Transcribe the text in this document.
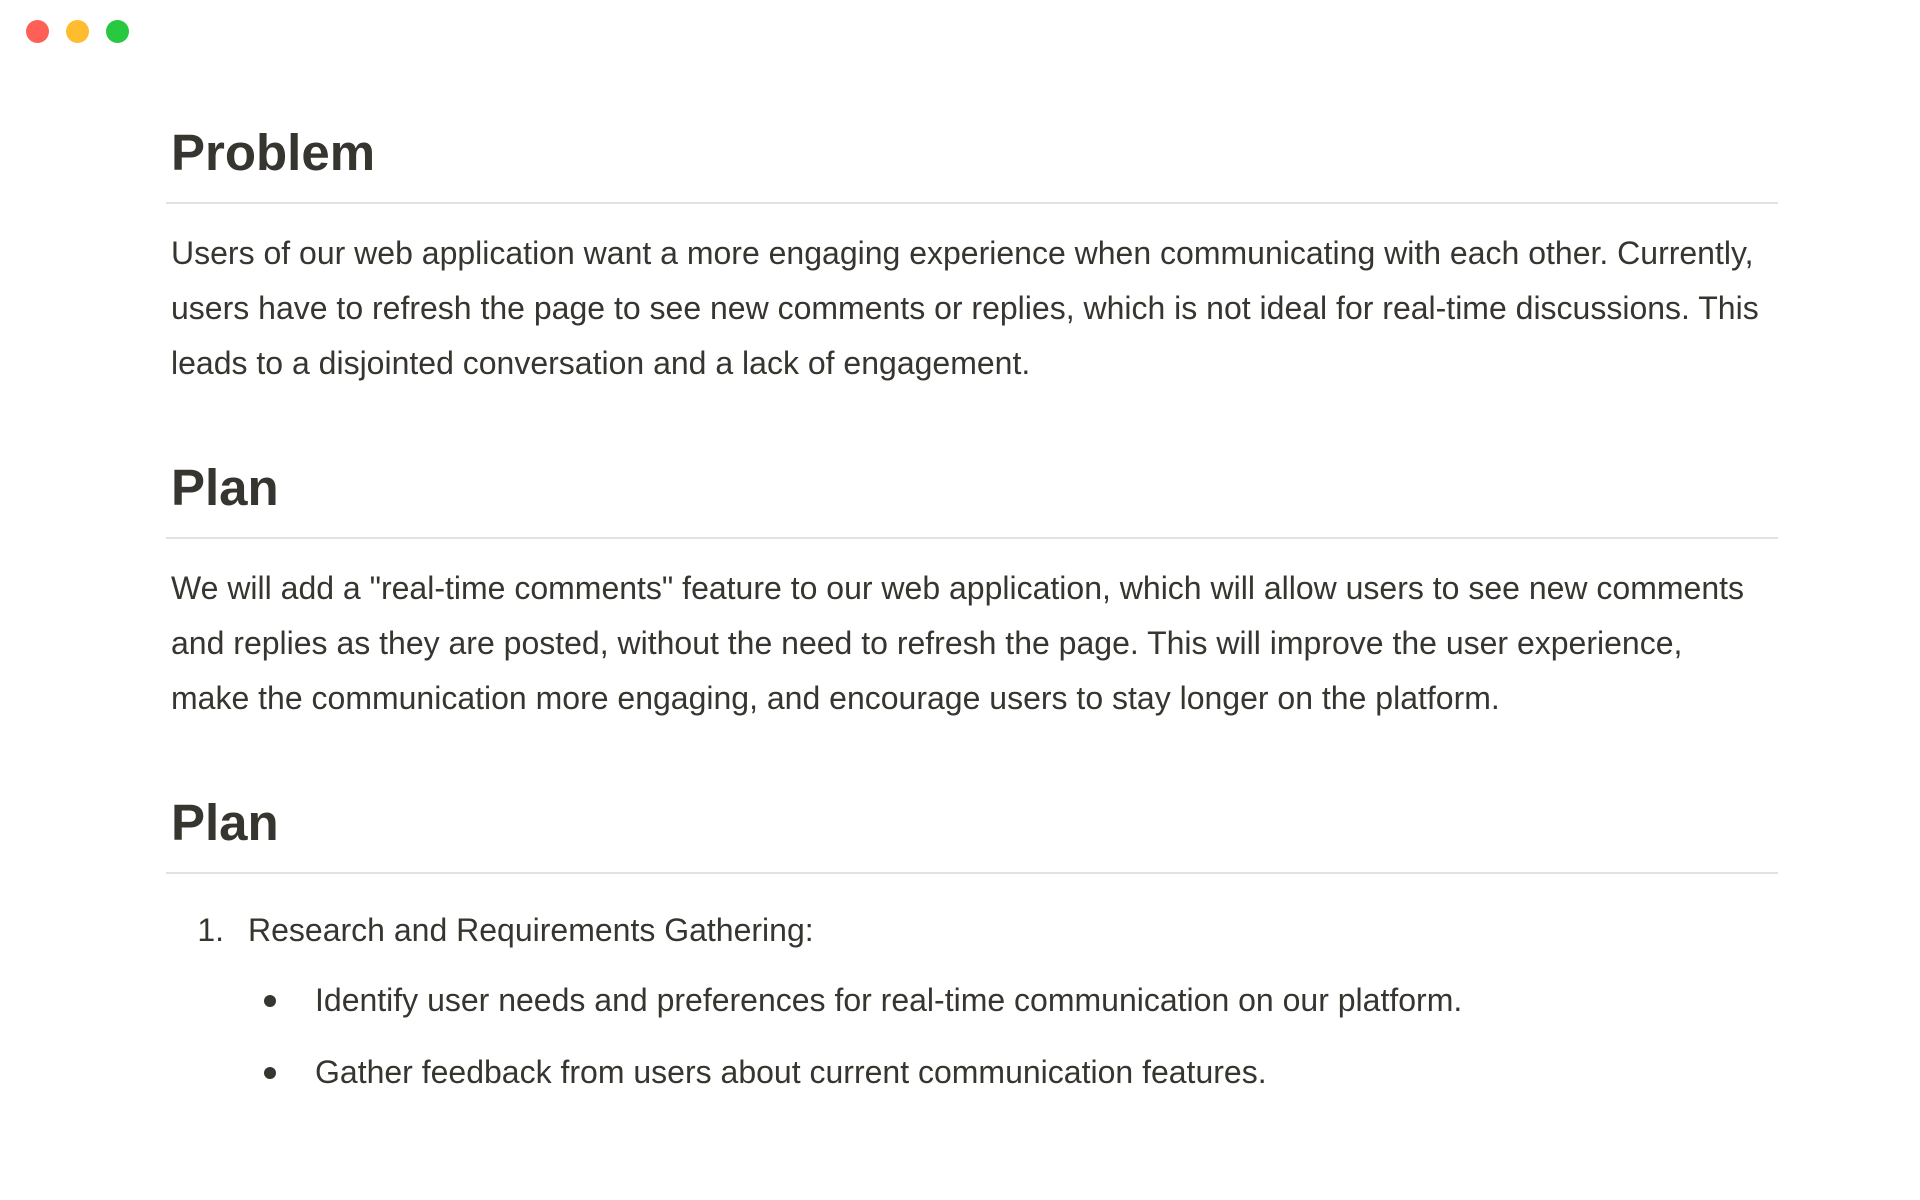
Problem

Users of our web application want a more engaging experience when communicating with each other. Currently, users have to refresh the page to see new comments or replies, which is not ideal for real-time discussions. This leads to a disjointed conversation and a lack of engagement.

Plan

We will add a "real-time comments" feature to our web application, which will allow users to see new comments and replies as they are posted, without the need to refresh the page. This will improve the user experience, make the communication more engaging, and encourage users to stay longer on the platform.

Plan
1. Research and Requirements Gathering:
Identify user needs and preferences for real-time communication on our platform.
Gather feedback from users about current communication features.
